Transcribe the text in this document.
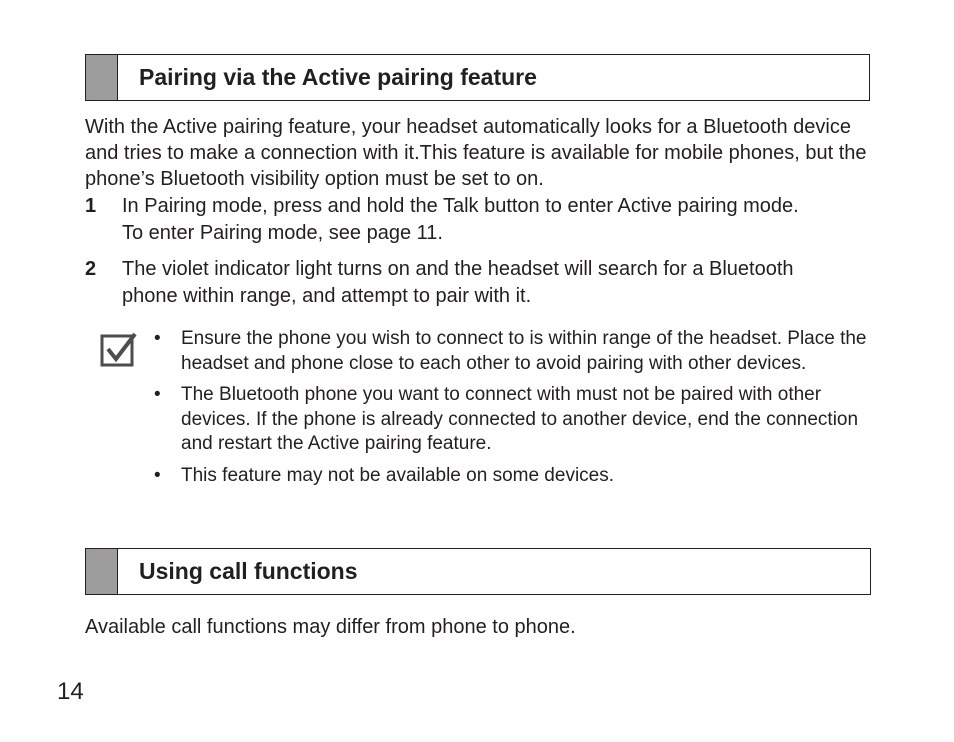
Pairing via the Active pairing feature

With the Active pairing feature, your headset automatically looks for a Bluetooth device and tries to make a connection with it.This feature is available for mobile phones, but the phone’s Bluetooth visibility option must be set to on.

1	In Pairing mode, press and hold the Talk button to enter Active pairing mode. To enter Pairing mode, see page 11.
2	The violet indicator light turns on and the headset will search for a Bluetooth phone within range, and attempt to pair with it.
•	Ensure the phone you wish to connect to is within range of the headset. Place the headset and phone close to each other to avoid pairing with other devices.
•	The Bluetooth phone you want to connect with must not be paired with other devices. If the phone is already connected to another device, end the connection and restart the Active pairing feature.
•	This feature may not be available on some devices.
Using call functions

Available call functions may differ from phone to phone.

14
